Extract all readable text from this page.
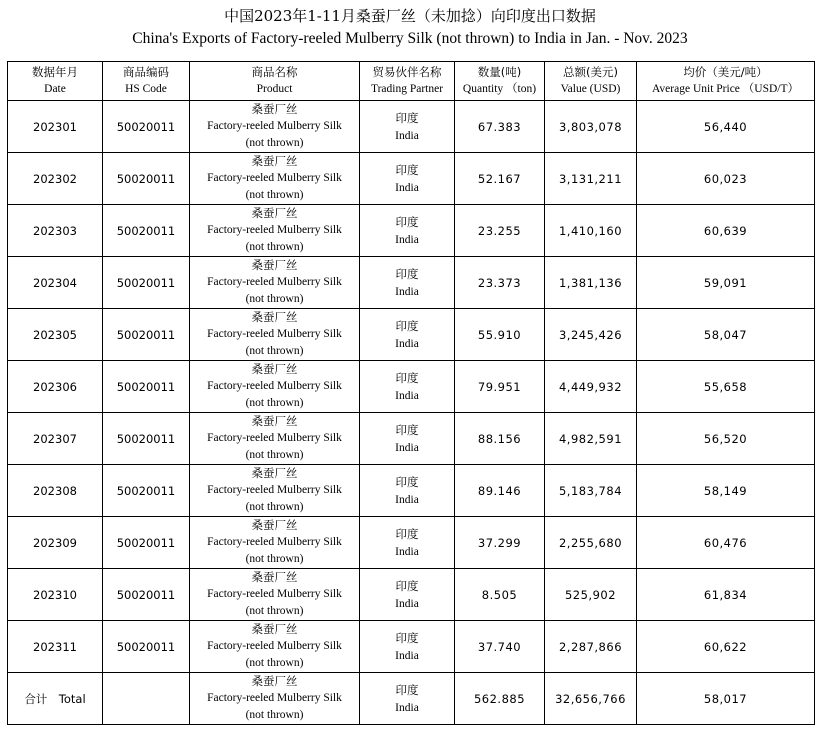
中国2023年1-11月桑蚕厂丝（未加捻）向印度出口数据
China's Exports of Factory-reeled Mulberry Silk (not thrown) to India in Jan. - Nov. 2023
数据年月
Date	商品编码
HS Code	商品名称
Product	贸易伙伴名称
Trading Partner	数量(吨)
Quantity （ton)	总额(美元)
Value (USD)	均价（美元/吨）
Average Unit Price （USD/T）

202301	50020011	桑蚕厂丝
Factory-reeled Mulberry Silk
(not thrown)	印度
India	67.383	3,803,078	56,440
202302	50020011	桑蚕厂丝
Factory-reeled Mulberry Silk
(not thrown)	印度
India	52.167	3,131,211	60,023
202303	50020011	桑蚕厂丝
Factory-reeled Mulberry Silk
(not thrown)	印度
India	23.255	1,410,160	60,639
202304	50020011	桑蚕厂丝
Factory-reeled Mulberry Silk
(not thrown)	印度
India	23.373	1,381,136	59,091
202305	50020011	桑蚕厂丝
Factory-reeled Mulberry Silk
(not thrown)	印度
India	55.910	3,245,426	58,047
202306	50020011	桑蚕厂丝
Factory-reeled Mulberry Silk
(not thrown)	印度
India	79.951	4,449,932	55,658
202307	50020011	桑蚕厂丝
Factory-reeled Mulberry Silk
(not thrown)	印度
India	88.156	4,982,591	56,520
202308	50020011	桑蚕厂丝
Factory-reeled Mulberry Silk
(not thrown)	印度
India	89.146	5,183,784	58,149
202309	50020011	桑蚕厂丝
Factory-reeled Mulberry Silk
(not thrown)	印度
India	37.299	2,255,680	60,476
202310	50020011	桑蚕厂丝
Factory-reeled Mulberry Silk
(not thrown)	印度
India	8.505	525,902	61,834
202311	50020011	桑蚕厂丝
Factory-reeled Mulberry Silk
(not thrown)	印度
India	37.740	2,287,866	60,622
合计　Total		桑蚕厂丝
Factory-reeled Mulberry Silk
(not thrown)	印度
India	562.885	32,656,766	58,017
